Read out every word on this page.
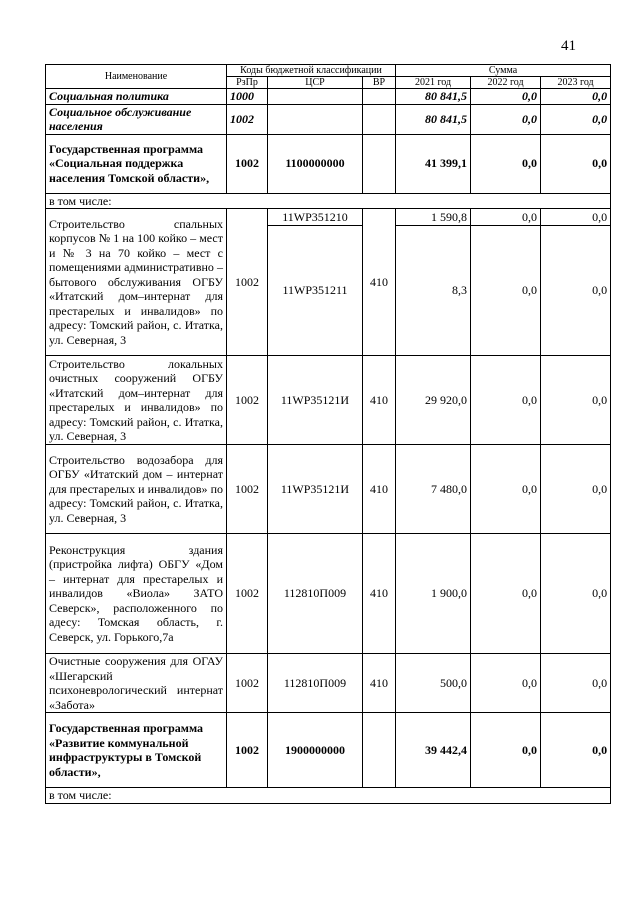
41
Наименование	Коды бюджетной классификации			Сумма		
	РзПр	ЦСР	ВР	2021 год	2022 год	2023 год
Социальная политика	1000			80 841,5	0,0	0,0
Социальное обслуживание населения	1002			80 841,5	0,0	0,0
Государственная программа «Социальная поддержка населения Томской области»,	1002	1100000000		41 399,1	0,0	0,0
в том числе:						
Строительство спальных корпусов № 1 на 100 койко – мест и № 3 на 70 койко – мест с помещениями административно – бытового обслуживания ОГБУ «Итатский дом–интернат для престарелых и инвалидов» по адресу: Томский район, с. Итатка, ул. Северная, 3	1002	11WP351210	410	1 590,8	0,0	0,0
		11WP351211		8,3	0,0	0,0
Строительство локальных очистных сооружений ОГБУ «Итатский дом–интернат для престарелых и инвалидов» по адресу: Томский район, с. Итатка, ул. Северная, 3	1002	11WP35121И	410	29 920,0	0,0	0,0
Строительство водозабора для ОГБУ «Итатский дом – интернат для престарелых и инвалидов» по адресу: Томский район, с. Итатка, ул. Северная, 3	1002	11WP35121И	410	7 480,0	0,0	0,0
Реконструкция здания (пристройка лифта) ОБГУ «Дом – интернат для престарелых и инвалидов «Виола» ЗАТО Северск», расположенного по адесу: Томская область, г. Северск, ул. Горького,7а	1002	112810П009	410	1 900,0	0,0	0,0
Очистные сооружения для ОГАУ «Шегарский психоневрологический интернат «Забота»	1002	112810П009	410	500,0	0,0	0,0
Государственная программа «Развитие коммунальной инфраструктуры в Томской области»,	1002	1900000000		39 442,4	0,0	0,0
в том числе:						
